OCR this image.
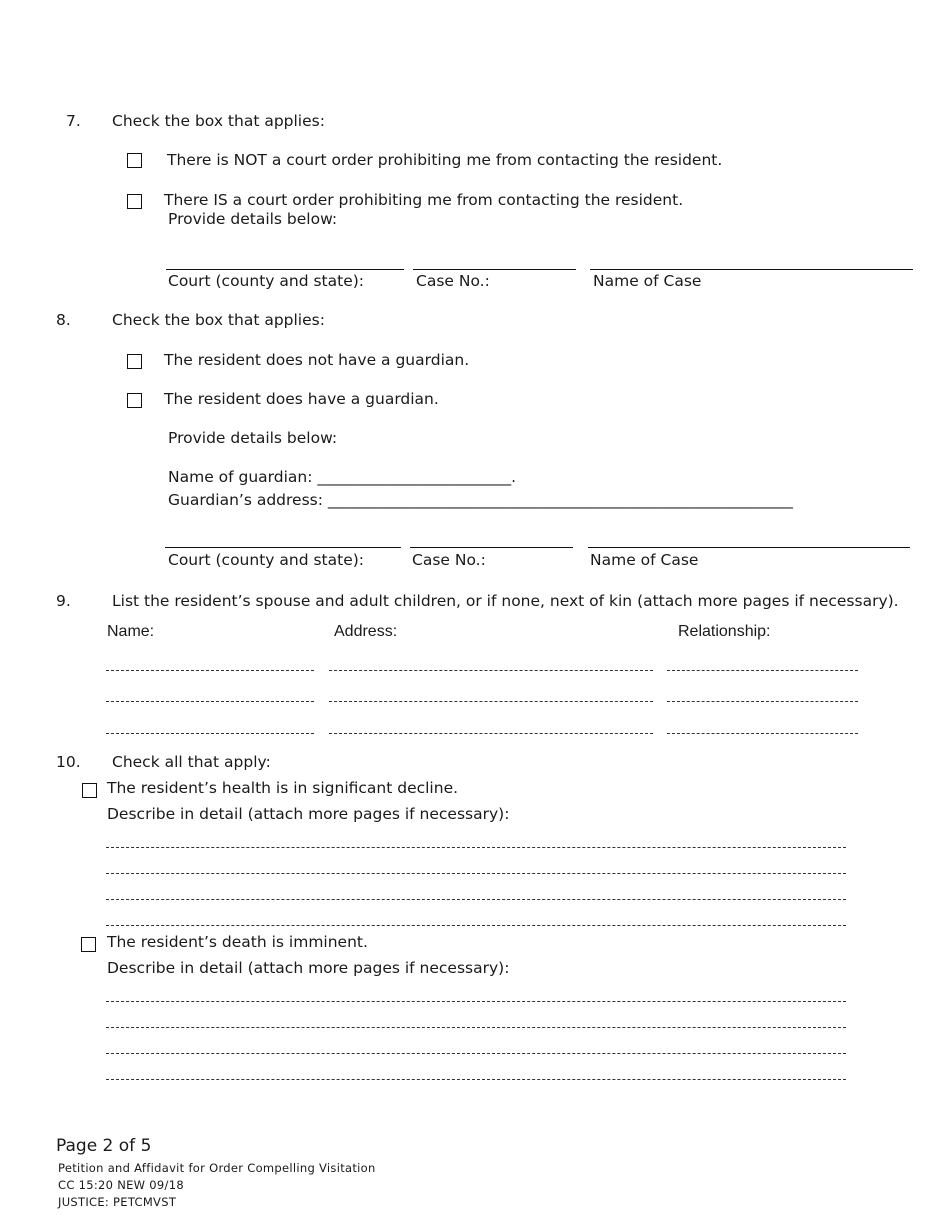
7. Check the box that applies:
There is NOT a court order prohibiting me from contacting the resident.
There IS a court order prohibiting me from contacting the resident.
Provide details below:
Court (county and state):	Case No.:	Name of Case
8.	Check the box that applies:
The resident does not have a guardian.
The resident does have a guardian.
Provide details below:
Name of guardian: _________________________.
Guardian’s address: ____________________________________________________________
Court (county and state):	Case No.:	Name of Case
9.	List the resident’s spouse and adult children, or if none, next of kin (attach more pages if necessary).
Name:	Address:	Relationship:
10. Check all that apply:
The resident’s health is in significant decline.
Describe in detail (attach more pages if necessary):
The resident’s death is imminent.
Describe in detail (attach more pages if necessary):
Page 2 of 5
Petition and Affidavit for Order Compelling Visitation
CC 15:20 NEW 09/18
JUSTICE: PETCMVST
